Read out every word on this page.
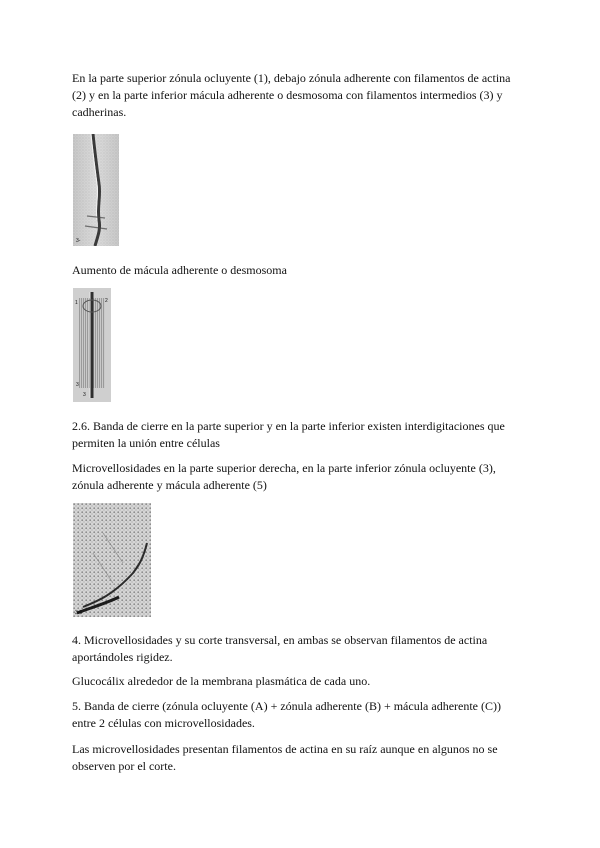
En la parte superior zónula ocluyente (1), debajo zónula adherente con filamentos de actina (2) y en la parte inferior mácula adherente o desmosoma con filamentos intermedios (3) y cadherinas.

3-

Aumento de mácula adherente o desmosoma

1	2
3
3

2.6. Banda de cierre en la parte superior y en la parte inferior existen interdigitaciones que permiten la unión entre células

Microvellosidades en la parte superior derecha, en la parte inferior zónula ocluyente (3), zónula adherente y mácula adherente (5)

3-6

4. Microvellosidades y su corte transversal, en ambas se observan filamentos de actina aportándoles rigidez.

Glucocálix alrededor de la membrana plasmática de cada uno.

5. Banda de cierre (zónula ocluyente (A) + zónula adherente (B) + mácula adherente (C)) entre 2 células con microvellosidades.

Las microvellosidades presentan filamentos de actina en su raíz aunque en algunos no se observen por el corte.
